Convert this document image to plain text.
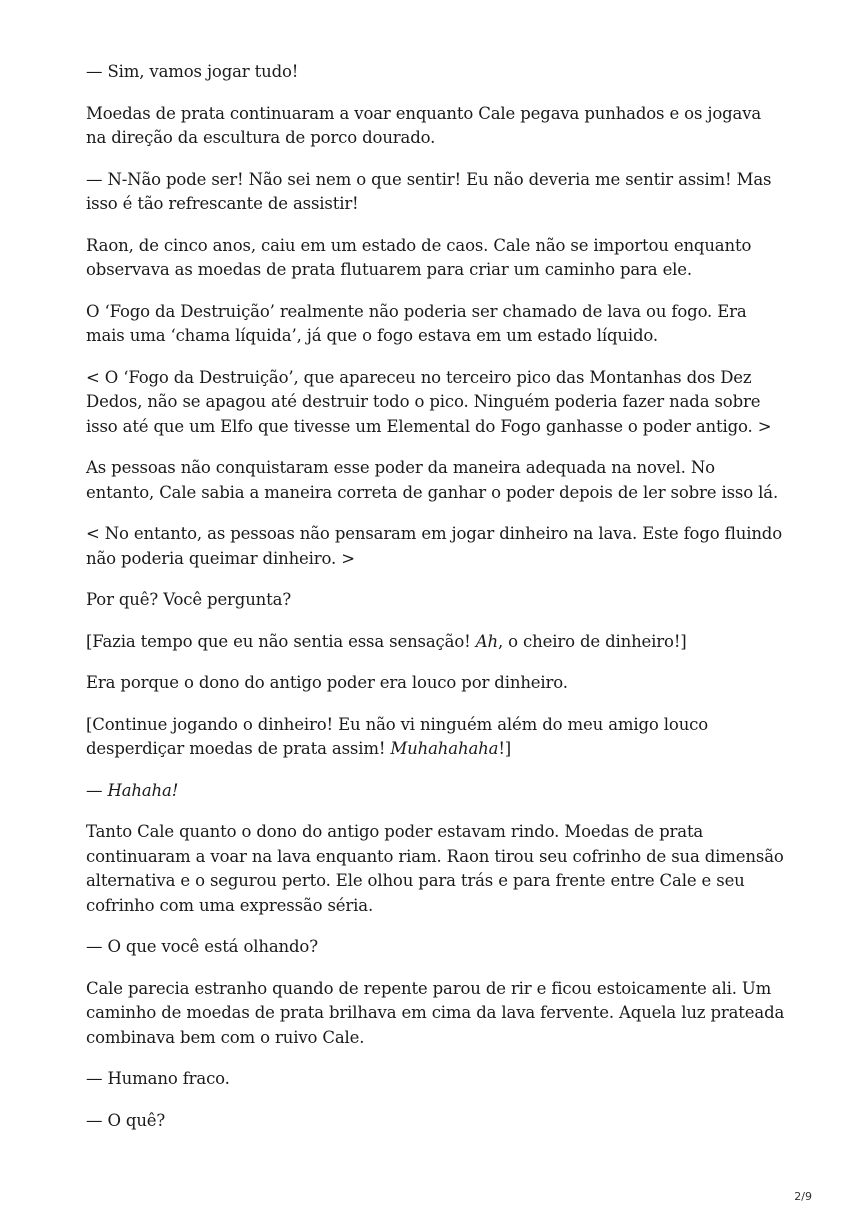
— Sim, vamos jogar tudo!

Moedas de prata continuaram a voar enquanto Cale pegava punhados e os jogava na direção da escultura de porco dourado.

— N-Não pode ser! Não sei nem o que sentir! Eu não deveria me sentir assim! Mas isso é tão refrescante de assistir!

Raon, de cinco anos, caiu em um estado de caos. Cale não se importou enquanto observava as moedas de prata flutuarem para criar um caminho para ele.

O ‘Fogo da Destruição’ realmente não poderia ser chamado de lava ou fogo. Era mais uma ‘chama líquida’, já que o fogo estava em um estado líquido.

< O ‘Fogo da Destruição’, que apareceu no terceiro pico das Montanhas dos Dez Dedos, não se apagou até destruir todo o pico. Ninguém poderia fazer nada sobre isso até que um Elfo que tivesse um Elemental do Fogo ganhasse o poder antigo. >

As pessoas não conquistaram esse poder da maneira adequada na novel. No entanto, Cale sabia a maneira correta de ganhar o poder depois de ler sobre isso lá.

< No entanto, as pessoas não pensaram em jogar dinheiro na lava. Este fogo fluindo não poderia queimar dinheiro. >

Por quê? Você pergunta?

[Fazia tempo que eu não sentia essa sensação! Ah, o cheiro de dinheiro!]

Era porque o dono do antigo poder era louco por dinheiro.

[Continue jogando o dinheiro! Eu não vi ninguém além do meu amigo louco desperdiçar moedas de prata assim! Muhahahaha!]

— Hahaha!

Tanto Cale quanto o dono do antigo poder estavam rindo. Moedas de prata continuaram a voar na lava enquanto riam. Raon tirou seu cofrinho de sua dimensão alternativa e o segurou perto. Ele olhou para trás e para frente entre Cale e seu cofrinho com uma expressão séria.

— O que você está olhando?

Cale parecia estranho quando de repente parou de rir e ficou estoicamente ali. Um caminho de moedas de prata brilhava em cima da lava fervente. Aquela luz prateada combinava bem com o ruivo Cale.

— Humano fraco.

— O quê?

2/9
